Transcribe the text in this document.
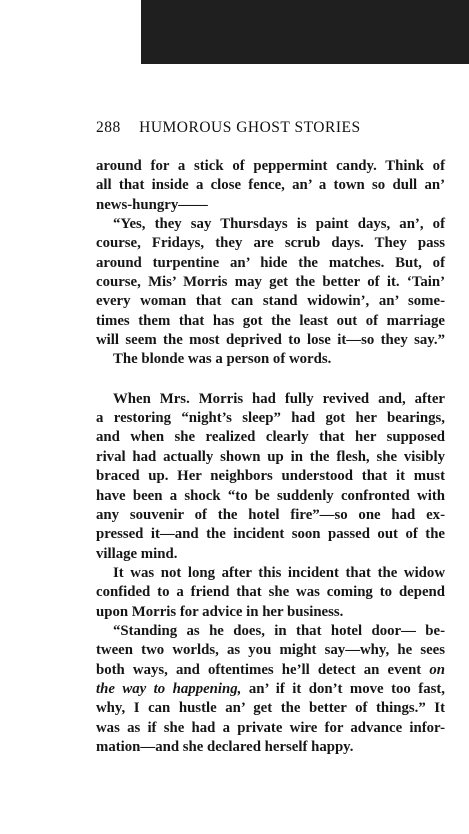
288 HUMOROUS GHOST STORIES
around for a stick of peppermint candy. Think of
all that inside a close fence, an’ a town so dull an’
news-hungry——
“Yes, they say Thursdays is paint days, an’, of
course, Fridays, they are scrub days. They pass
around turpentine an’ hide the matches. But, of
course, Mis’ Morris may get the better of it. ‘Tain’
every woman that can stand widowin’, an’ some-
times them that has got the least out of marriage
will seem the most deprived to lose it—so they say.”
The blonde was a person of words.
When Mrs. Morris had fully revived and, after
a restoring “night’s sleep” had got her bearings,
and when she realized clearly that her supposed
rival had actually shown up in the flesh, she visibly
braced up. Her neighbors understood that it must
have been a shock “to be suddenly confronted with
any souvenir of the hotel fire”—so one had ex-
pressed it—and the incident soon passed out of the
village mind.
It was not long after this incident that the widow
confided to a friend that she was coming to depend
upon Morris for advice in her business.
“Standing as he does, in that hotel door— be-
tween two worlds, as you might say—why, he sees
both ways, and oftentimes he’ll detect an event on
the way to happening, an’ if it don’t move too fast,
why, I can hustle an’ get the better of things.” It
was as if she had a private wire for advance infor-
mation—and she declared herself happy.
